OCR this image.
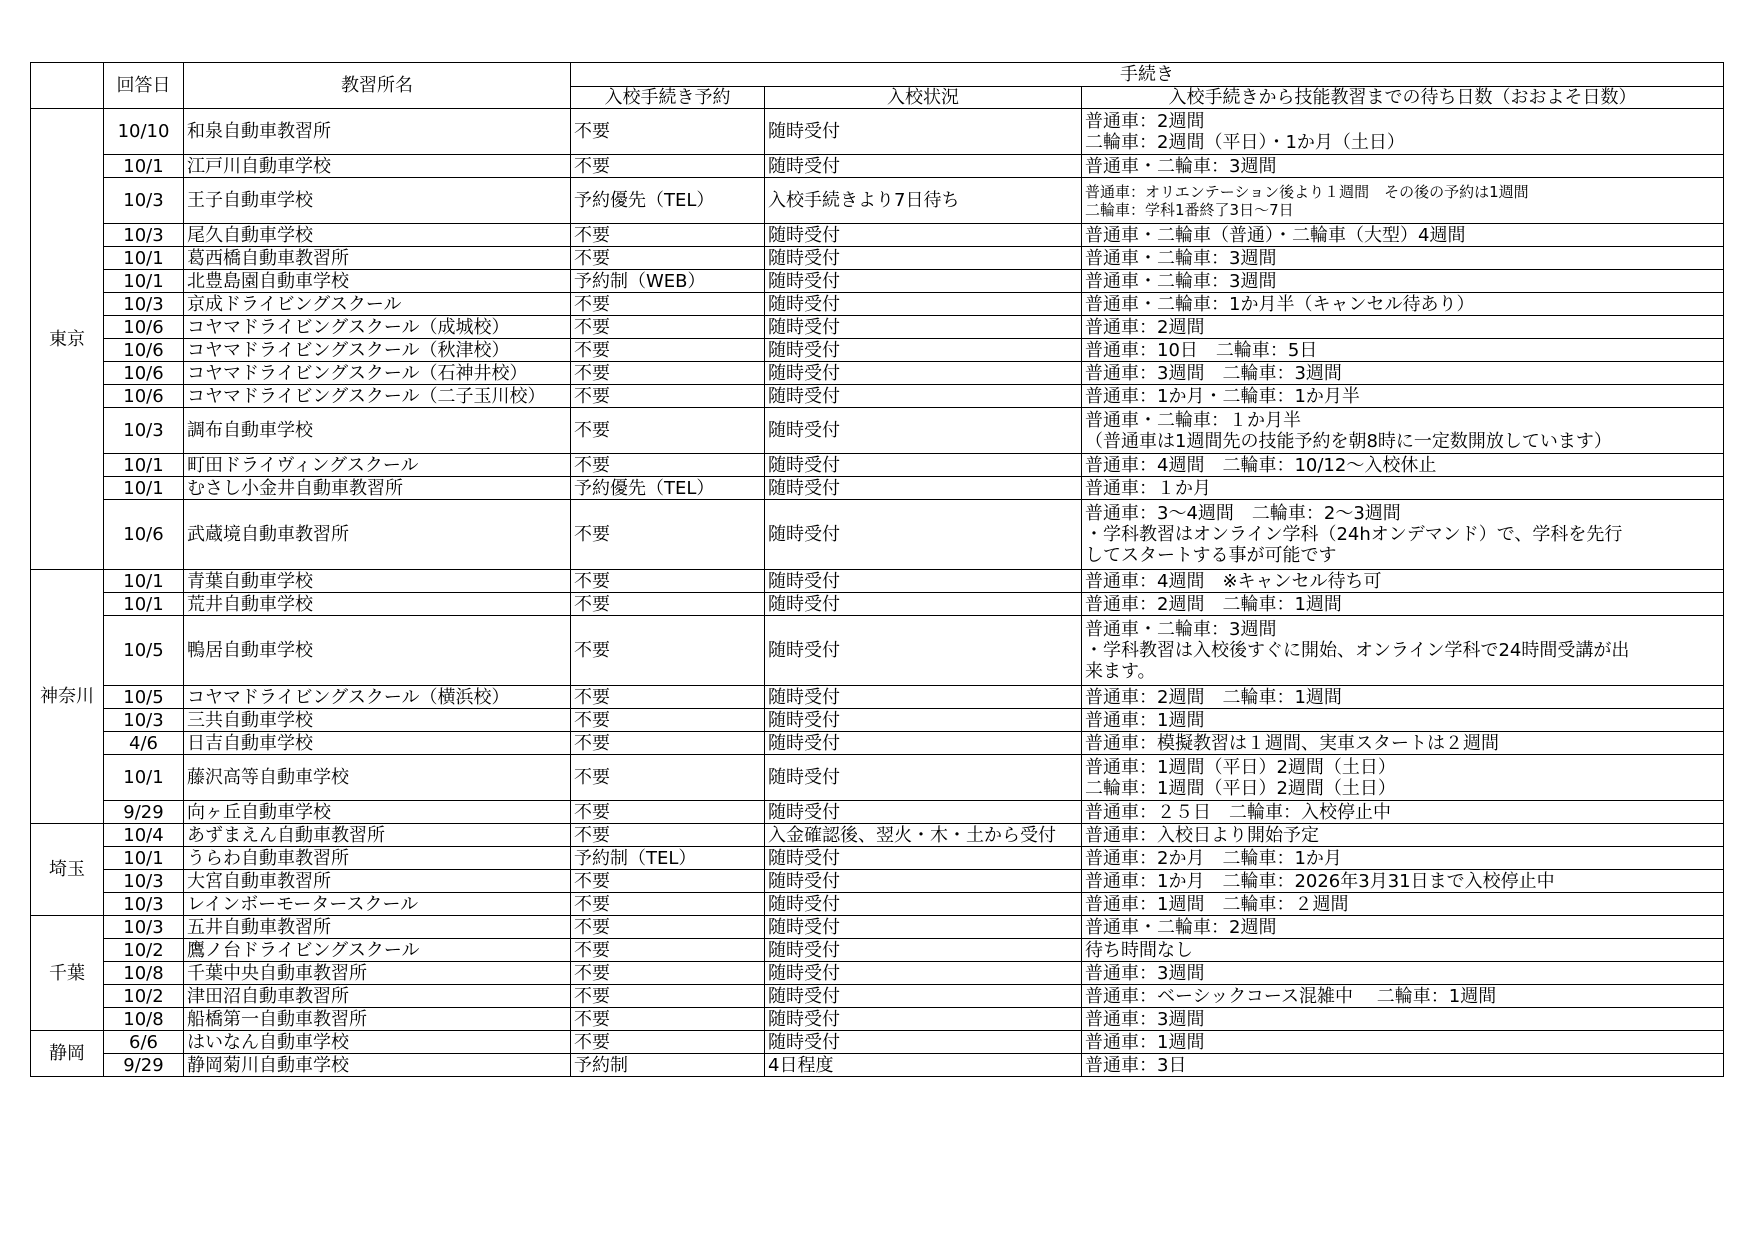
	回答日	教習所名	手続き		
			入校手続き予約	入校状況	入校手続きから技能教習までの待ち日数（おおよそ日数）
東京	10/10	和泉自動車教習所	不要	随時受付	普通車：2週間
二輪車：2週間（平日）・1か月（土日）

	10/1	江戸川自動車学校	不要	随時受付	普通車・二輪車：3週間

	10/3	王子自動車学校	予約優先（TEL）	入校手続きより7日待ち	普通車：オリエンテーション後より１週間　その後の予約は1週間
二輪車：学科1番終了3日～7日

	10/3	尾久自動車学校	不要	随時受付	普通車・二輪車（普通）・二輪車（大型）4週間

	10/1	葛西橋自動車教習所	不要	随時受付	普通車・二輪車：3週間

	10/1	北豊島園自動車学校	予約制（WEB）	随時受付	普通車・二輪車：3週間

	10/3	京成ドライビングスクール	不要	随時受付	普通車・二輪車：1か月半（キャンセル待あり）

	10/6	コヤマドライビングスクール（成城校）	不要	随時受付	普通車：2週間

	10/6	コヤマドライビングスクール（秋津校）	不要	随時受付	普通車：10日　二輪車：5日

	10/6	コヤマドライビングスクール（石神井校）	不要	随時受付	普通車：3週間　二輪車：3週間

	10/6	コヤマドライビングスクール（二子玉川校）	不要	随時受付	普通車：1か月・二輪車：1か月半

	10/3	調布自動車学校	不要	随時受付	普通車・二輪車：１か月半
（普通車は1週間先の技能予約を朝8時に一定数開放しています）

	10/1	町田ドライヴィングスクール	不要	随時受付	普通車：4週間　二輪車：10/12～入校休止

	10/1	むさし小金井自動車教習所	予約優先（TEL）	随時受付	普通車：１か月

	10/6	武蔵境自動車教習所	不要	随時受付	普通車：3～4週間　二輪車：2～3週間
・学科教習はオンライン学科（24hオンデマンド）で、学科を先行
してスタートする事が可能です

神奈川	10/1	青葉自動車学校	不要	随時受付	普通車：4週間　※キャンセル待ち可

	10/1	荒井自動車学校	不要	随時受付	普通車：2週間　二輪車：1週間

	10/5	鴨居自動車学校	不要	随時受付	普通車・二輪車：3週間
・学科教習は入校後すぐに開始、オンライン学科で24時間受講が出
来ます。

	10/5	コヤマドライビングスクール（横浜校）	不要	随時受付	普通車：2週間　二輪車：1週間

	10/3	三共自動車学校	不要	随時受付	普通車：1週間

	4/6	日吉自動車学校	不要	随時受付	普通車：模擬教習は１週間、実車スタートは２週間

	10/1	藤沢高等自動車学校	不要	随時受付	普通車：1週間（平日）2週間（土日）
二輪車：1週間（平日）2週間（土日）

	9/29	向ヶ丘自動車学校	不要	随時受付	普通車：２５日　二輪車：入校停止中

埼玉	10/4	あずまえん自動車教習所	不要	入金確認後、翌火・木・土から受付	普通車：入校日より開始予定

	10/1	うらわ自動車教習所	予約制（TEL）	随時受付	普通車：2か月　二輪車：1か月

	10/3	大宮自動車教習所	不要	随時受付	普通車：1か月　二輪車：2026年3月31日まで入校停止中

	10/3	レインボーモータースクール	不要	随時受付	普通車：1週間　二輪車：２週間

千葉	10/3	五井自動車教習所	不要	随時受付	普通車・二輪車：2週間

	10/2	鷹ノ台ドライビングスクール	不要	随時受付	待ち時間なし

	10/8	千葉中央自動車教習所	不要	随時受付	普通車：3週間

	10/2	津田沼自動車教習所	不要	随時受付	普通車：ベーシックコース混雑中　 二輪車：1週間

	10/8	船橋第一自動車教習所	不要	随時受付	普通車：3週間

静岡	6/6	はいなん自動車学校	不要	随時受付	普通車：1週間

	9/29	静岡菊川自動車学校	予約制	4日程度	普通車：3日
